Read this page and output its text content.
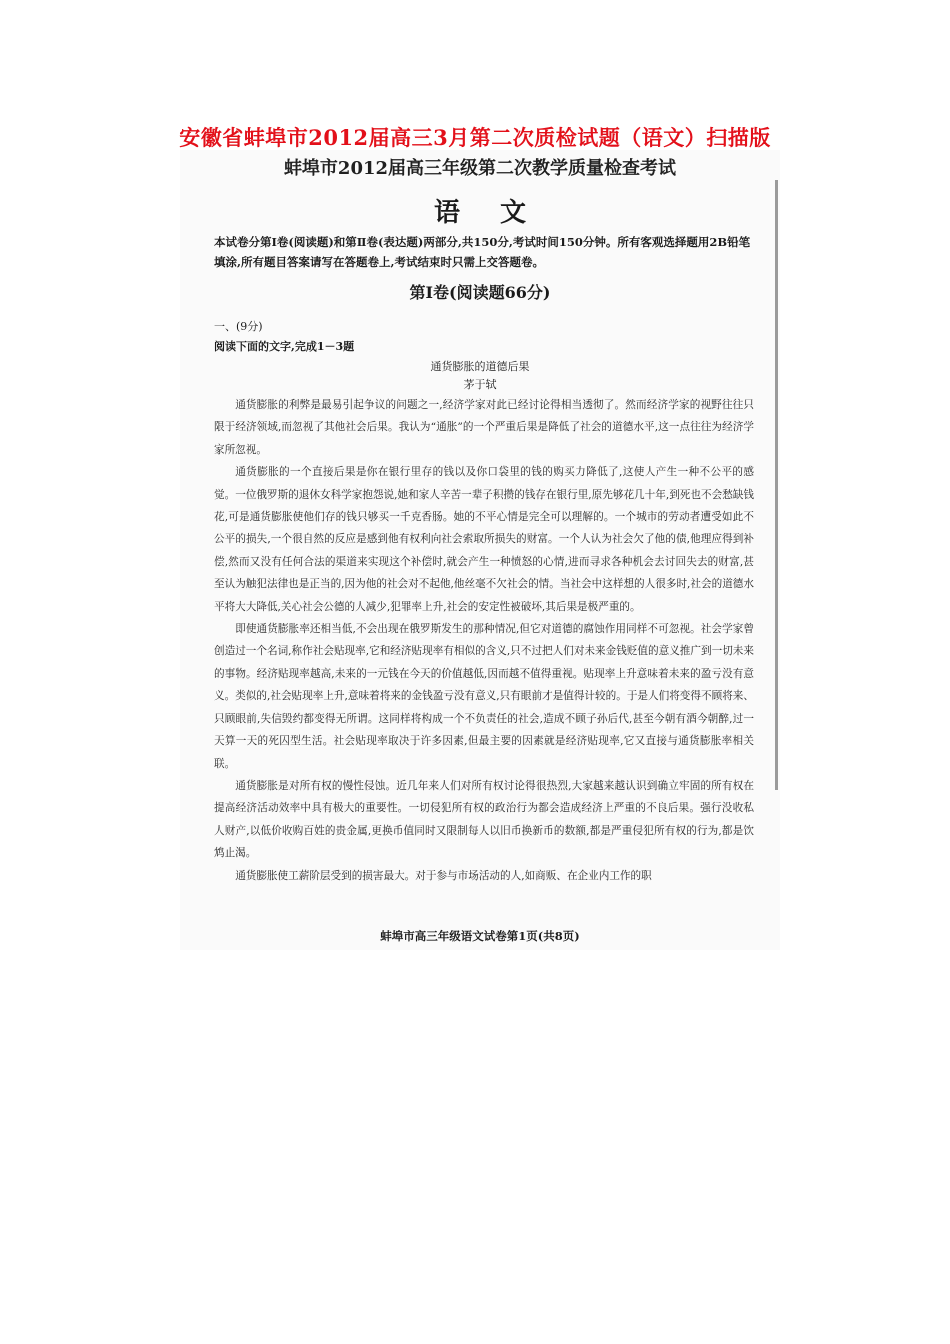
安徽省蚌埠市2012届高三3月第二次质检试题（语文）扫描版
蚌埠市2012届高三年级第二次教学质量检查考试
语文
本试卷分第Ⅰ卷(阅读题)和第Ⅱ卷(表达题)两部分,共150分,考试时间150分钟。所有客观选择题用2B铅笔填涂,所有题目答案请写在答题卷上,考试结束时只需上交答题卷。
第Ⅰ卷(阅读题66分)
一、(9分)
阅读下面的文字,完成1－3题
通货膨胀的道德后果
茅于轼

通货膨胀的利弊是最易引起争议的问题之一,经济学家对此已经讨论得相当透彻了。然而经济学家的视野往往只限于经济领域,而忽视了其他社会后果。我认为“通胀”的一个严重后果是降低了社会的道德水平,这一点往往为经济学家所忽视。

通货膨胀的一个直接后果是你在银行里存的钱以及你口袋里的钱的购买力降低了,这使人产生一种不公平的感觉。一位俄罗斯的退休女科学家抱怨说,她和家人辛苦一辈子积攒的钱存在银行里,原先够花几十年,到死也不会愁缺钱花,可是通货膨胀使他们存的钱只够买一千克香肠。她的不平心情是完全可以理解的。一个城市的劳动者遭受如此不公平的损失,一个很自然的反应是感到他有权利向社会索取所损失的财富。一个人认为社会欠了他的债,他理应得到补偿,然而又没有任何合法的渠道来实现这个补偿时,就会产生一种愤怒的心情,进而寻求各种机会去讨回失去的财富,甚至认为触犯法律也是正当的,因为他的社会对不起他,他丝毫不欠社会的情。当社会中这样想的人很多时,社会的道德水平将大大降低,关心社会公德的人减少,犯罪率上升,社会的安定性被破坏,其后果是极严重的。

即使通货膨胀率还相当低,不会出现在俄罗斯发生的那种情况,但它对道德的腐蚀作用同样不可忽视。社会学家曾创造过一个名词,称作社会贴现率,它和经济贴现率有相似的含义,只不过把人们对未来金钱贬值的意义推广到一切未来的事物。经济贴现率越高,未来的一元钱在今天的价值越低,因而越不值得重视。贴现率上升意味着未来的盈亏没有意义。类似的,社会贴现率上升,意味着将来的金钱盈亏没有意义,只有眼前才是值得计较的。于是人们将变得不顾将来、只顾眼前,失信毁约都变得无所谓。这同样将构成一个不负责任的社会,造成不顾子孙后代,甚至今朝有酒今朝醉,过一天算一天的死囚型生活。社会贴现率取决于许多因素,但最主要的因素就是经济贴现率,它又直接与通货膨胀率相关联。

通货膨胀是对所有权的慢性侵蚀。近几年来人们对所有权讨论得很热烈,大家越来越认识到确立牢固的所有权在提高经济活动效率中具有极大的重要性。一切侵犯所有权的政治行为都会造成经济上严重的不良后果。强行没收私人财产,以低价收购百姓的贵金属,更换币值同时又限制每人以旧币换新币的数额,都是严重侵犯所有权的行为,都是饮鸩止渴。

通货膨胀使工薪阶层受到的损害最大。对于参与市场活动的人,如商贩、在企业内工作的职

蚌埠市高三年级语文试卷第1页(共8页)
